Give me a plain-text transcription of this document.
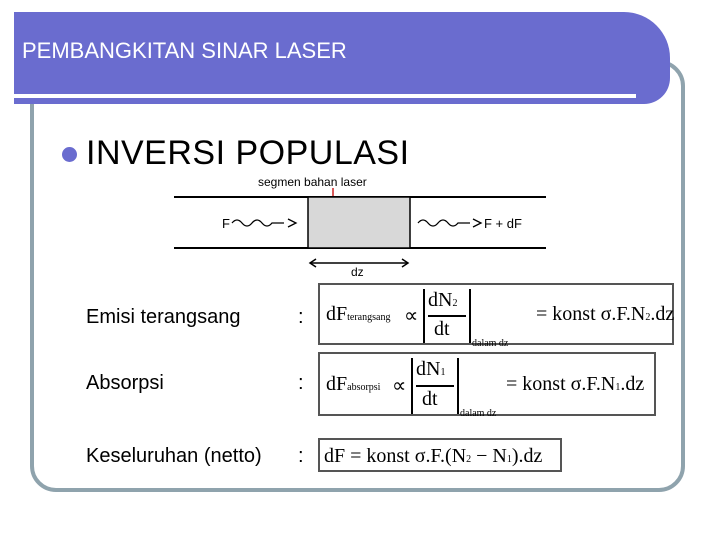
PEMBANGKITAN SINAR LASER
INVERSI POPULASI
segmen bahan laser
F	F + dF
dz
Emisi terangsang	: dFterangsang ∝
dN2
dt
dalam dz
= konst σ.F.N2.dz
Absorpsi	: dFabsorpsi ∝
dN1
dt
dalam dz
= konst σ.F.N1.dz
Keseluruhan (netto) : dF = konst σ.F.(N2 − N1).dz
